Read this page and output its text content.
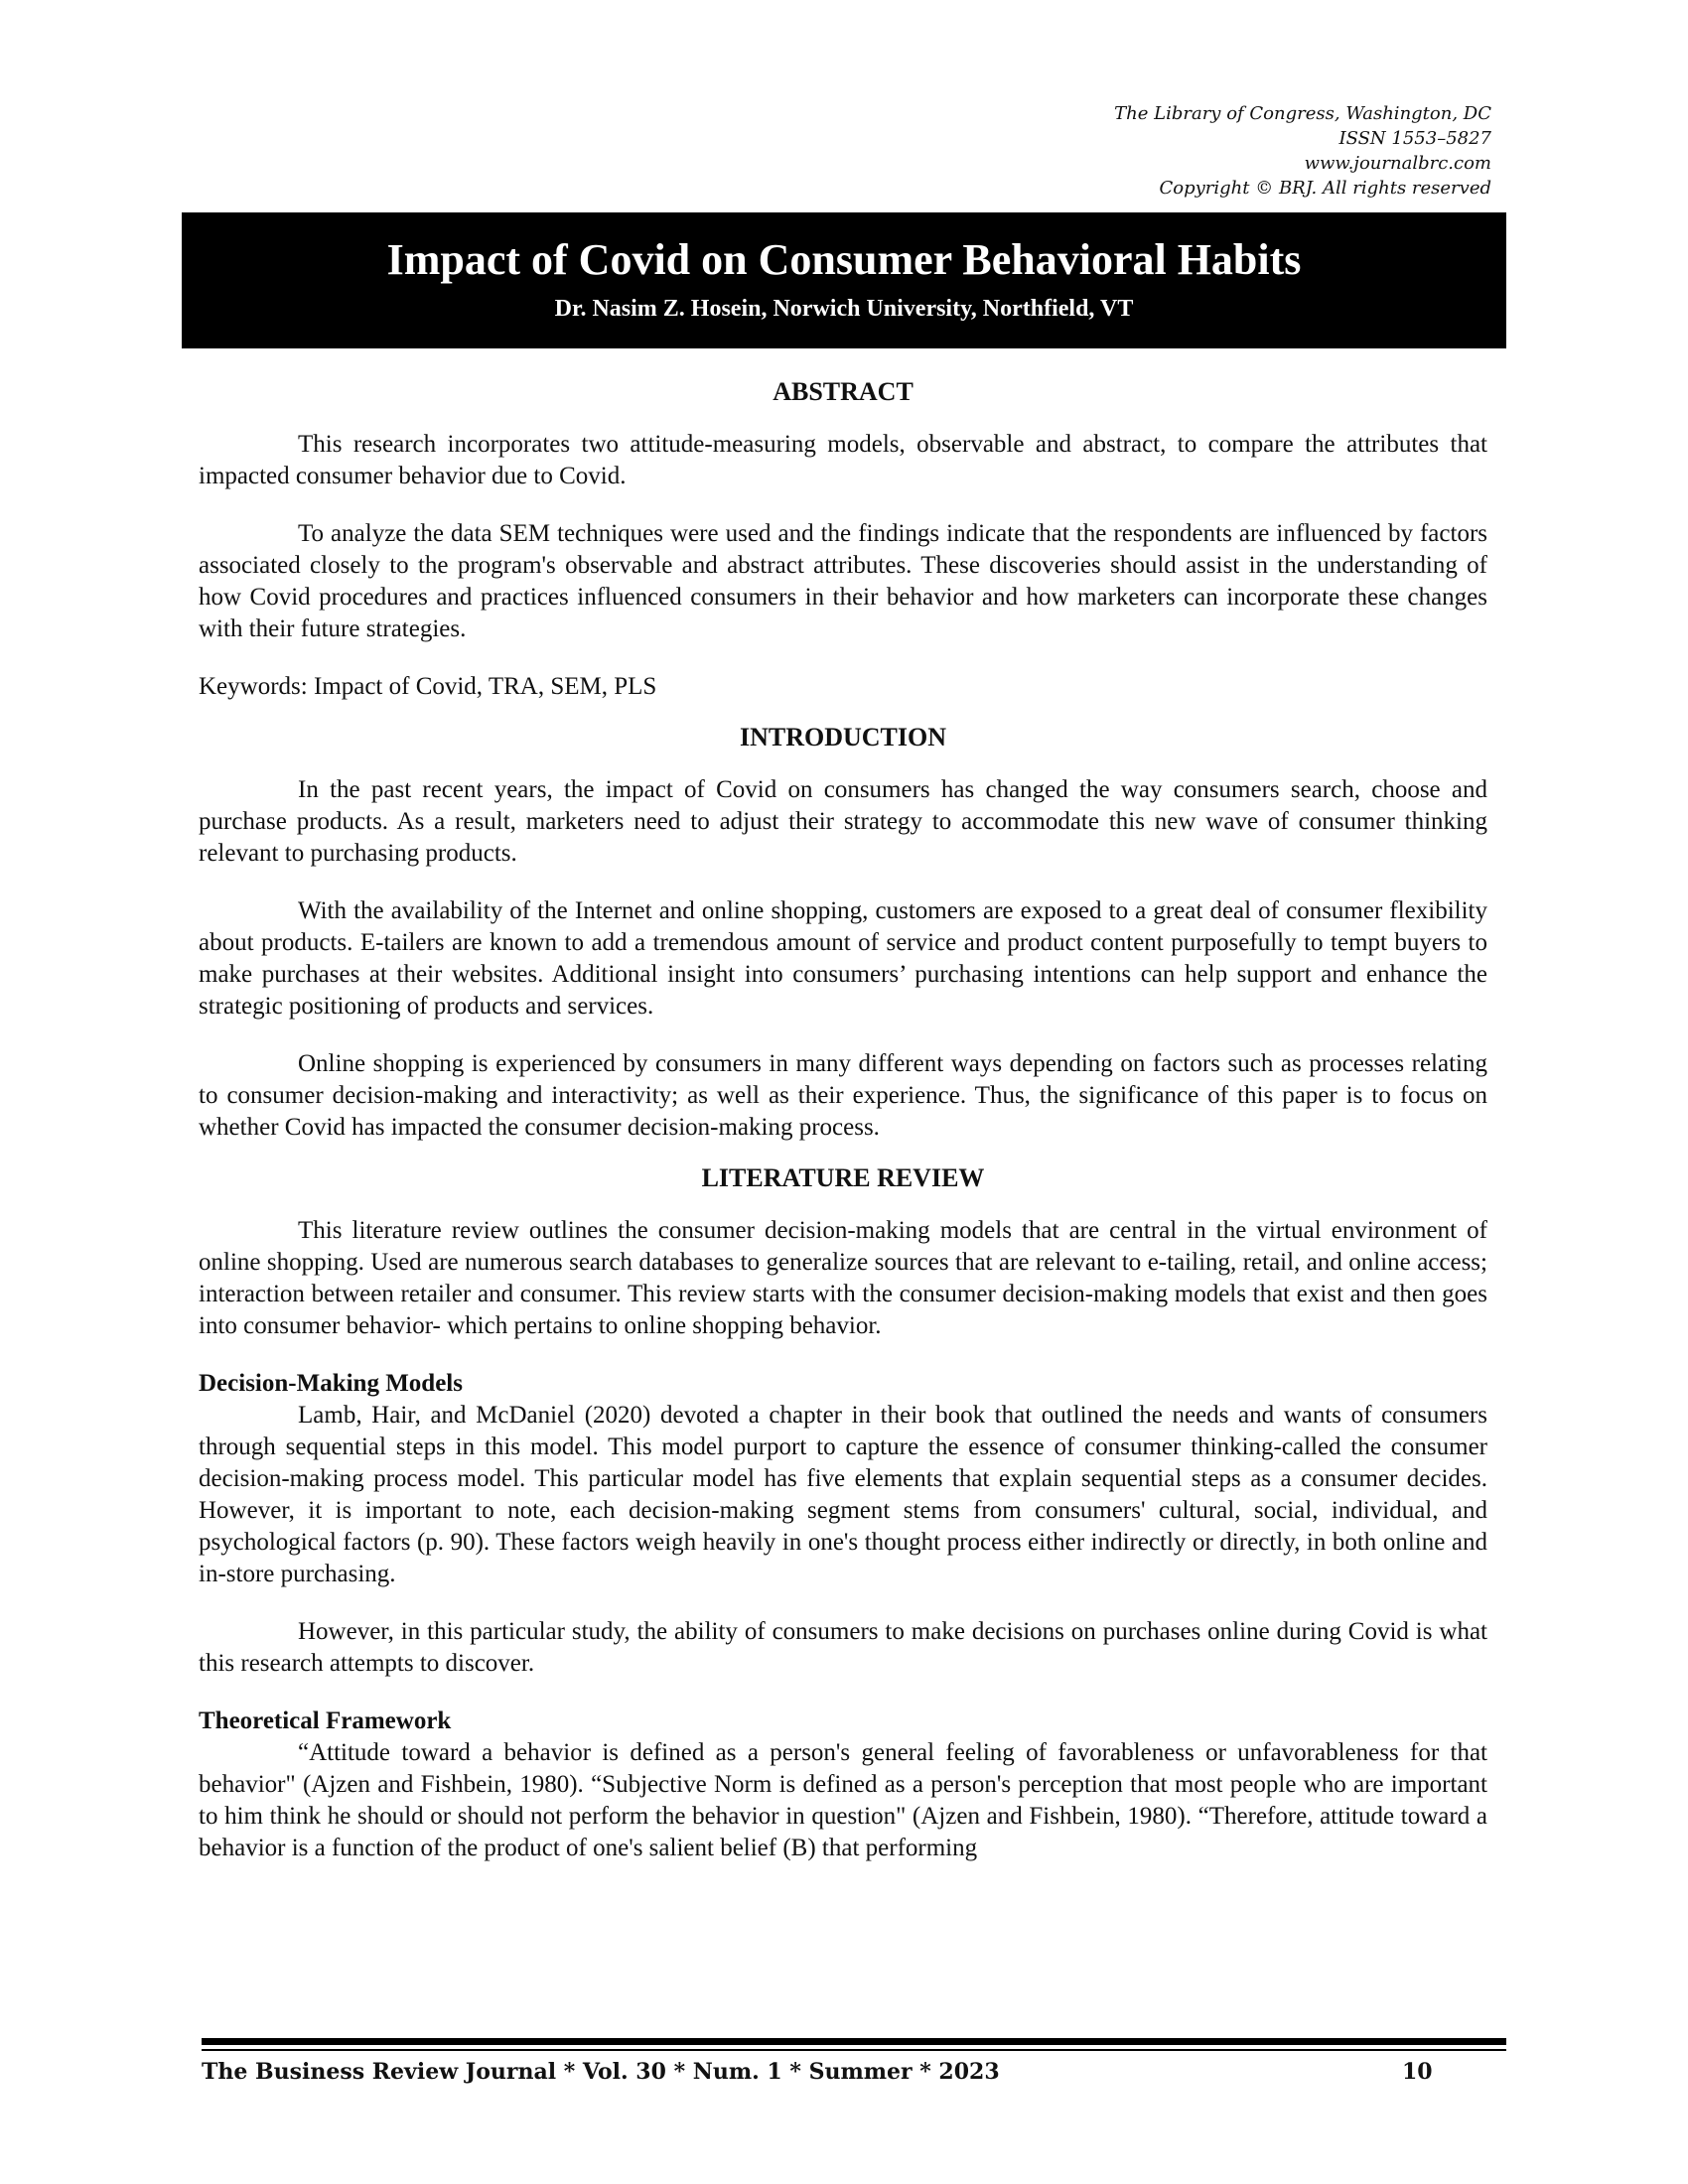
The Library of Congress, Washington, DC
ISSN 1553–5827
www.journalbrc.com
Copyright © BRJ. All rights reserved
Impact of Covid on Consumer Behavioral Habits
Dr. Nasim Z. Hosein, Norwich University, Northfield, VT
ABSTRACT

This research incorporates two attitude-measuring models, observable and abstract, to compare the attributes that impacted consumer behavior due to Covid.

To analyze the data SEM techniques were used and the findings indicate that the respondents are influenced by factors associated closely to the program's observable and abstract attributes. These discoveries should assist in the understanding of how Covid procedures and practices influenced consumers in their behavior and how marketers can incorporate these changes with their future strategies.

Keywords: Impact of Covid, TRA, SEM, PLS

INTRODUCTION

In the past recent years, the impact of Covid on consumers has changed the way consumers search, choose and purchase products. As a result, marketers need to adjust their strategy to accommodate this new wave of consumer thinking relevant to purchasing products.

With the availability of the Internet and online shopping, customers are exposed to a great deal of consumer flexibility about products. E-tailers are known to add a tremendous amount of service and product content purposefully to tempt buyers to make purchases at their websites. Additional insight into consumers’ purchasing intentions can help support and enhance the strategic positioning of products and services.

Online shopping is experienced by consumers in many different ways depending on factors such as processes relating to consumer decision-making and interactivity; as well as their experience. Thus, the significance of this paper is to focus on whether Covid has impacted the consumer decision-making process.

LITERATURE REVIEW

This literature review outlines the consumer decision-making models that are central in the virtual environment of online shopping. Used are numerous search databases to generalize sources that are relevant to e-tailing, retail, and online access; interaction between retailer and consumer. This review starts with the consumer decision-making models that exist and then goes into consumer behavior- which pertains to online shopping behavior.

Decision-Making Models

Lamb, Hair, and McDaniel (2020) devoted a chapter in their book that outlined the needs and wants of consumers through sequential steps in this model. This model purport to capture the essence of consumer thinking-called the consumer decision-making process model. This particular model has five elements that explain sequential steps as a consumer decides. However, it is important to note, each decision-making segment stems from consumers' cultural, social, individual, and psychological factors (p. 90). These factors weigh heavily in one's thought process either indirectly or directly, in both online and in-store purchasing.

However, in this particular study, the ability of consumers to make decisions on purchases online during Covid is what this research attempts to discover.

Theoretical Framework

“Attitude toward a behavior is defined as a person's general feeling of favorableness or unfavorableness for that behavior" (Ajzen and Fishbein, 1980). “Subjective Norm is defined as a person's perception that most people who are important to him think he should or should not perform the behavior in question" (Ajzen and Fishbein, 1980). “Therefore, attitude toward a behavior is a function of the product of one's salient belief (B) that performing

The Business Review Journal * Vol. 30 * Num. 1 * Summer * 2023	10
